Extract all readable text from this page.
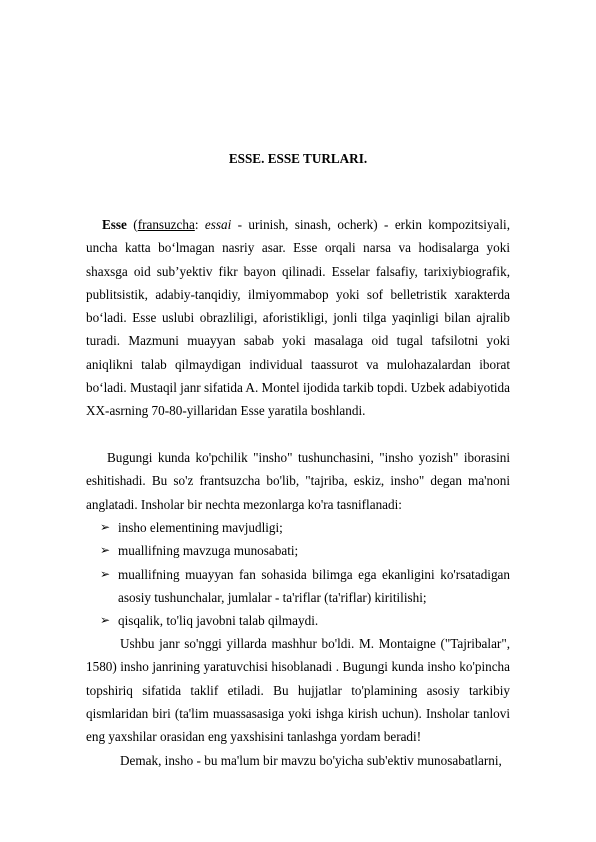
ESSE. ESSE TURLARI.

Esse (fransuzcha: essai - urinish, sinash, ocherk) - erkin kompozitsiyali, uncha katta boʻlmagan nasriy asar. Esse orqali narsa va hodisalarga yoki shaxsga oid subʼyektiv fikr bayon qilinadi. Esselar falsafiy, tarixiybiografik, publitsistik, adabiy-tanqidiy, ilmiyommabop yoki sof belletristik xarakterda boʻladi. Esse uslubi obrazliligi, aforistikligi, jonli tilga yaqinligi bilan ajralib turadi. Mazmuni muayyan sabab yoki masalaga oid tugal tafsilotni yoki aniqlikni talab qilmaydigan individual taassurot va mulohazalardan iborat boʻladi. Mustaqil janr sifatida A. Montel ijodida tarkib topdi. Uzbek adabiyotida XX-asrning 70-80-yillaridan Esse yaratila boshlandi.

Bugungi kunda ko'pchilik "insho" tushunchasini, "insho yozish" iborasini eshitishadi. Bu so'z frantsuzcha bo'lib, "tajriba, eskiz, insho" degan ma'noni anglatadi. Insholar bir nechta mezonlarga ko'ra tasniflanadi:

➢ insho elementining mavjudligi;
➢ muallifning mavzuga munosabati;
➢ muallifning muayyan fan sohasida bilimga ega ekanligini ko'rsatadigan asosiy tushunchalar, jumlalar - ta'riflar (ta'riflar) kiritilishi;
➢ qisqalik, to'liq javobni talab qilmaydi.

Ushbu janr so'nggi yillarda mashhur bo'ldi. M. Montaigne ("Tajribalar", 1580) insho janrining yaratuvchisi hisoblanadi . Bugungi kunda insho ko'pincha topshiriq sifatida taklif etiladi. Bu hujjatlar to'plamining asosiy tarkibiy qismlaridan biri (ta'lim muassasasiga yoki ishga kirish uchun). Insholar tanlovi eng yaxshilar orasidan eng yaxshisini tanlashga yordam beradi!

Demak, insho - bu ma'lum bir mavzu bo'yicha sub'ektiv munosabatlarni,
